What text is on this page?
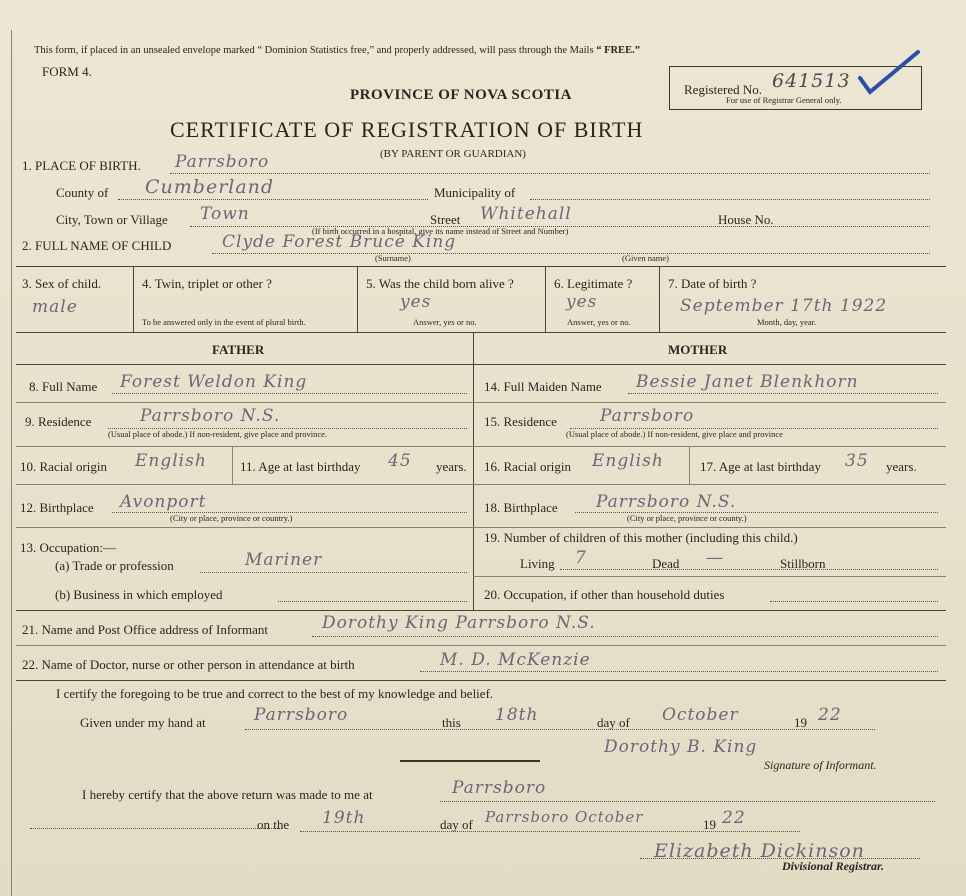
This form, if placed in an unsealed envelope marked “ Dominion Statistics free,” and properly addressed, will pass through the Mails “ FREE.”
FORM 4.
PROVINCE OF NOVA SCOTIA
CERTIFICATE OF REGISTRATION OF BIRTH
(BY PARENT OR GUARDIAN)
Registered No. 641513
For use of Registrar General only.
1. PLACE OF BIRTH. Parrsboro
County of Cumberland	Municipality of
City, Town or Village Town	Street Whitehall	House No.
(If birth occurred in a hospital, give its name instead of Street and Number)
2. FULL NAME OF CHILD	Clyde Forest Bruce King
(Surname)	(Given name)
3. Sex of child.
male
4. Twin, triplet or other ?
To be answered only in the event of plural birth.
5. Was the child born alive ?
yes
Answer, yes or no.
6. Legitimate ?
yes
Answer, yes or no.
7. Date of birth ?
September 17th 1922
Month, day, year.
FATHER	MOTHER
8. Full Name Forest Weldon King
9. Residence	Parrsboro N.S.
(Usual place of abode.) If non-resident, give place and province.
10. Racial origin English	11. Age at last birthday 45 years.
12. Birthplace Avonport
(City or place, province or country.)
13. Occupation:—
(a) Trade or profession	Mariner
(b) Business in which employed
14. Full Maiden Name Bessie Janet Blenkhorn
15. Residence	Parrsboro
(Usual place of abode.) If non-resident, give place and province
16. Racial origin English	17. Age at last birthday 35 years.
18. Birthplace Parrsboro N.S.
(City or place, province or county.)
19. Number of children of this mother (including this child.)
Living 7	Dead —	Stillborn
20. Occupation, if other than household duties
21. Name and Post Office address of Informant	Dorothy King Parrsboro N.S.
22. Name of Doctor, nurse or other person in attendance at birth	M. D. McKenzie
I certify the foregoing to be true and correct to the best of my knowledge and belief.
Given under my hand at	Parrsboro	this 18th	day of October	19 22
Dorothy B. King
Signature of Informant.
I hereby certify that the above return was made to me at	Parrsboro
on the 19th	day of Parrsboro October	19 22
Elizabeth Dickinson
Divisional Registrar.
